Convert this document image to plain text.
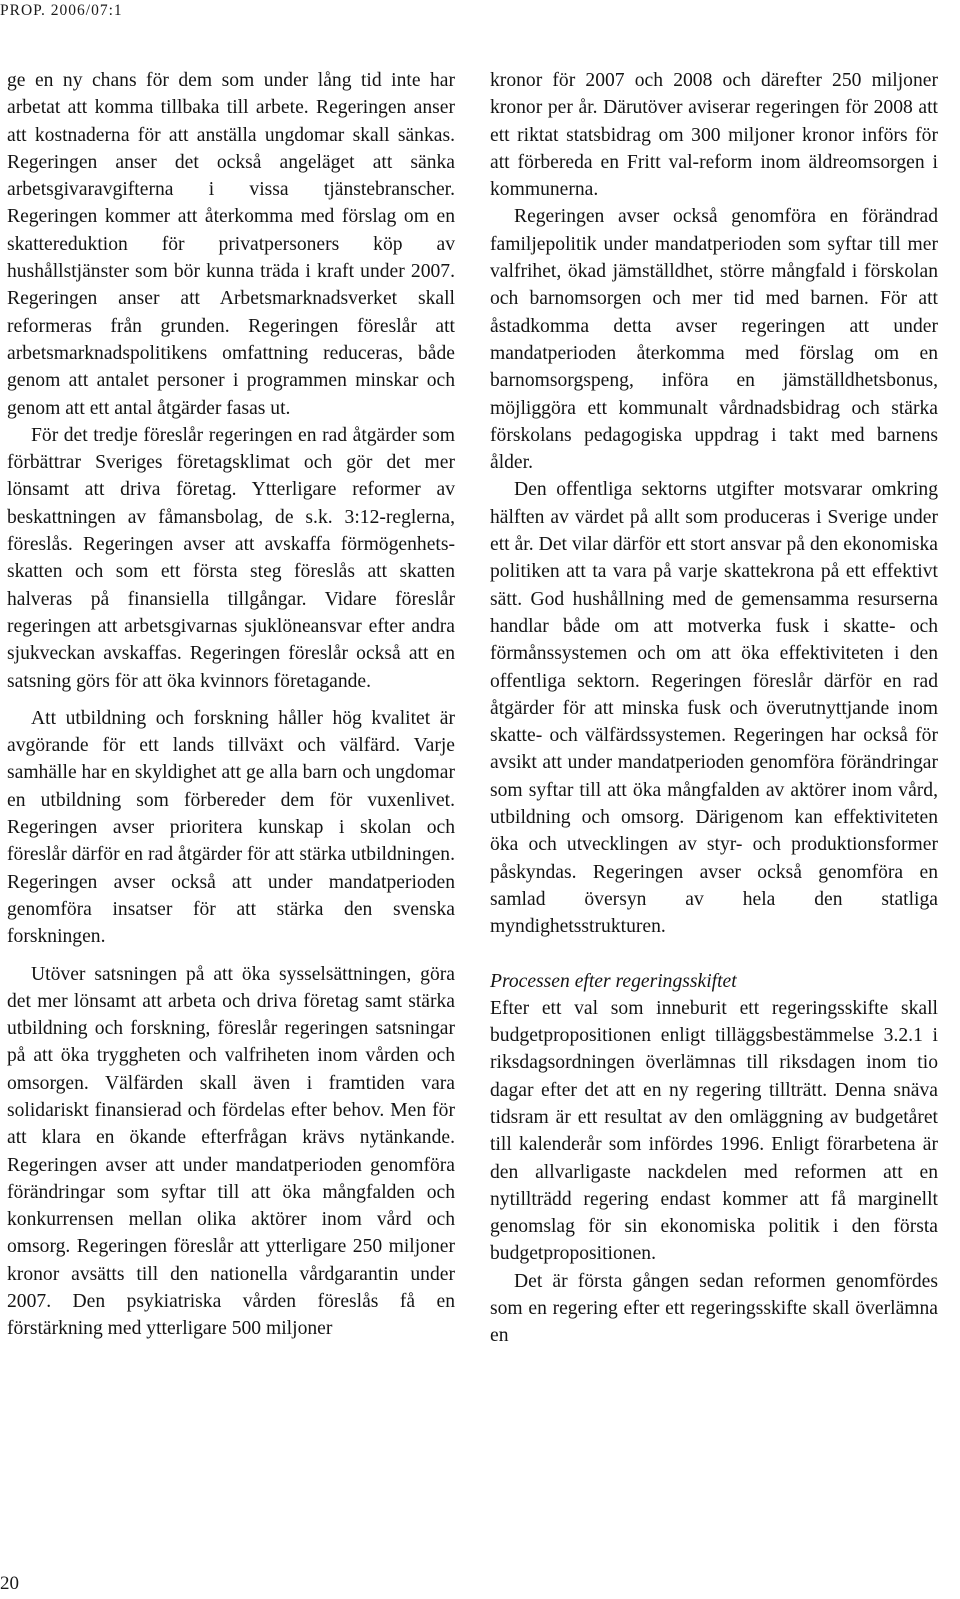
PROP. 2006/07:1

ge en ny chans för dem som under lång tid inte har arbetat att komma tillbaka till arbete. Regeringen anser att kostnaderna för att anställa ungdomar skall sänkas. Regeringen anser det också angeläget att sänka arbetsgivaravgifterna i vissa tjänstebranscher. Regeringen kommer att återkomma med förslag om en skattereduktion för privatpersoners köp av hushållstjänster som bör kunna träda i kraft under 2007. Regeringen anser att Arbetsmarknadsverket skall reformeras från grunden. Regeringen föreslår att arbetsmarknadspolitikens omfattning reduceras, både genom att antalet personer i programmen minskar och genom att ett antal åtgärder fasas ut.

För det tredje föreslår regeringen en rad åtgärder som förbättrar Sveriges företagsklimat och gör det mer lönsamt att driva företag. Ytterligare reformer av beskattningen av fåmansbolag, de s.k. 3:12-reglerna, föreslås. Regeringen avser att avskaffa förmögenhetsskatten och som ett första steg föreslås att skatten halveras på finansiella tillgångar. Vidare föreslår regeringen att arbetsgivarnas sjuklöneansvar efter andra sjukveckan avskaffas. Regeringen föreslår också att en satsning görs för att öka kvinnors företagande.

Att utbildning och forskning håller hög kvalitet är avgörande för ett lands tillväxt och välfärd. Varje samhälle har en skyldighet att ge alla barn och ungdomar en utbildning som förbereder dem för vuxenlivet. Regeringen avser prioritera kunskap i skolan och föreslår därför en rad åtgärder för att stärka utbildningen. Regeringen avser också att under mandatperioden genomföra insatser för att stärka den svenska forskningen.

Utöver satsningen på att öka sysselsättningen, göra det mer lönsamt att arbeta och driva företag samt stärka utbildning och forskning, föreslår regeringen satsningar på att öka tryggheten och valfriheten inom vården och omsorgen. Välfärden skall även i framtiden vara solidariskt finansierad och fördelas efter behov. Men för att klara en ökande efterfrågan krävs nytänkande. Regeringen avser att under mandatperioden genomföra förändringar som syftar till att öka mångfalden och konkurrensen mellan olika aktörer inom vård och omsorg. Regeringen föreslår att ytterligare 250 miljoner kronor avsätts till den nationella vårdgarantin under 2007. Den psykiatriska vården föreslås få en förstärkning med ytterligare 500 miljoner

kronor för 2007 och 2008 och därefter 250 miljoner kronor per år. Därutöver aviserar regeringen för 2008 att ett riktat statsbidrag om 300 miljoner kronor införs för att förbereda en Fritt val-reform inom äldreomsorgen i kommunerna.

Regeringen avser också genomföra en förändrad familjepolitik under mandatperioden som syftar till mer valfrihet, ökad jämställdhet, större mångfald i förskolan och barnomsorgen och mer tid med barnen. För att åstadkomma detta avser regeringen att under mandatperioden återkomma med förslag om en barnomsorgspeng, införa en jämställdhetsbonus, möjliggöra ett kommunalt vårdnadsbidrag och stärka förskolans pedagogiska uppdrag i takt med barnens ålder.

Den offentliga sektorns utgifter motsvarar omkring hälften av värdet på allt som produceras i Sverige under ett år. Det vilar därför ett stort ansvar på den ekonomiska politiken att ta vara på varje skattekrona på ett effektivt sätt. God hushållning med de gemensamma resurserna handlar både om att motverka fusk i skatte- och förmånssystemen och om att öka effektiviteten i den offentliga sektorn. Regeringen föreslår därför en rad åtgärder för att minska fusk och överutnyttjande inom skatte- och välfärdssystemen. Regeringen har också för avsikt att under mandatperioden genomföra förändringar som syftar till att öka mångfalden av aktörer inom vård, utbildning och omsorg. Därigenom kan effektiviteten öka och utvecklingen av styr- och produktionsformer påskyndas. Regeringen avser också genomföra en samlad översyn av hela den statliga myndighetsstrukturen.

Processen efter regeringsskiftet

Efter ett val som inneburit ett regeringsskifte skall budgetpropositionen enligt tilläggsbestämmelse 3.2.1 i riksdagsordningen överlämnas till riksdagen inom tio dagar efter det att en ny regering tillträtt. Denna snäva tidsram är ett resultat av den omläggning av budgetåret till kalenderår som infördes 1996. Enligt förarbetena är den allvarligaste nackdelen med reformen att en nytillträdd regering endast kommer att få marginellt genomslag för sin ekonomiska politik i den första budgetpropositionen.

Det är första gången sedan reformen genomfördes som en regering efter ett regeringsskifte skall överlämna en

20
